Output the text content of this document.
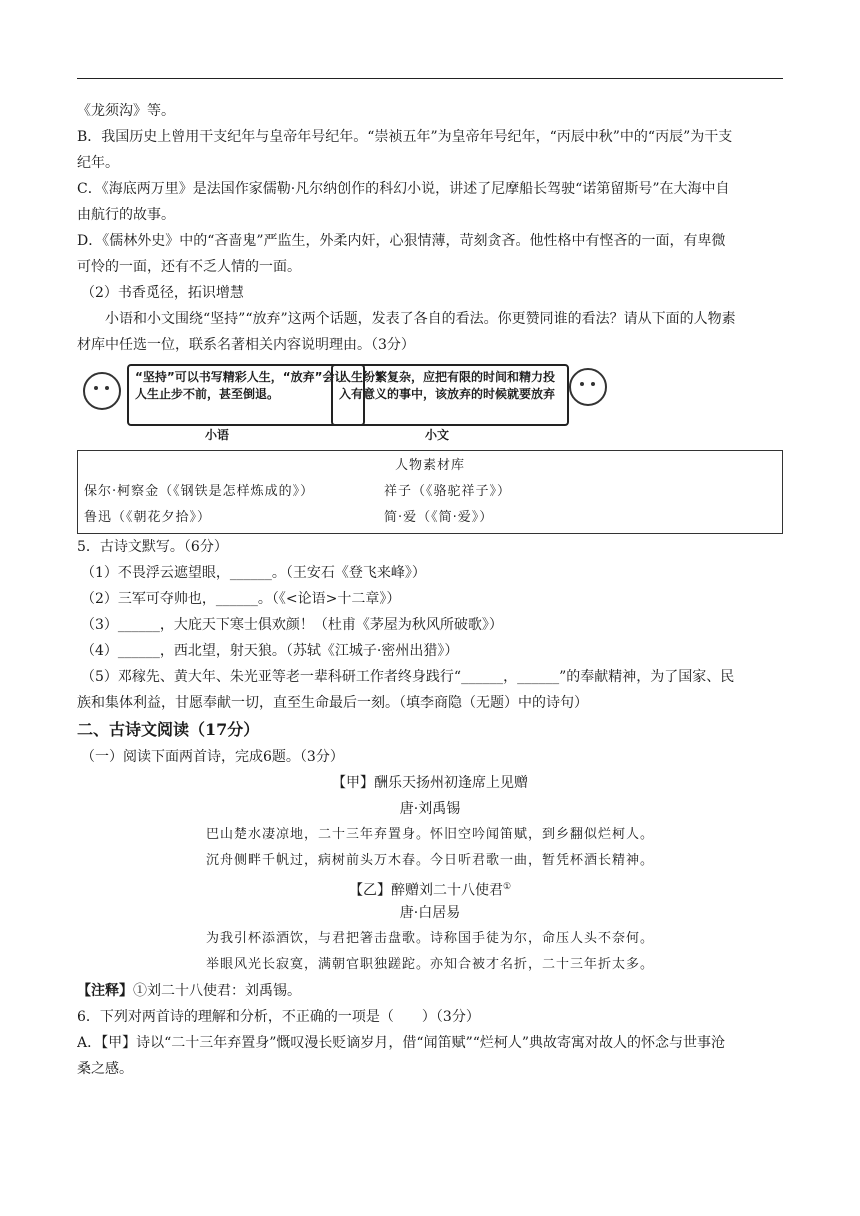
《龙须沟》等。
B．我国历史上曾用干支纪年与皇帝年号纪年。“崇祯五年”为皇帝年号纪年，“丙辰中秋”中的“丙辰”为干支
纪年。
C．《海底两万里》是法国作家儒勒·凡尔纳创作的科幻小说，讲述了尼摩船长驾驶“诺第留斯号”在大海中自
由航行的故事。
D．《儒林外史》中的“吝啬鬼”严监生，外柔内奸，心狠情薄，苛刻贪吝。他性格中有悭吝的一面，有卑微
可怜的一面，还有不乏人情的一面。
（2）书香觅径，拓识增慧
小语和小文围绕“坚持”“放弃”这两个话题，发表了各自的看法。你更赞同谁的看法？请从下面的人物素
材库中任选一位，联系名著相关内容说明理由。（3分）
“坚持”可以书写精彩人生，“放弃”会让人生止步不前，甚至倒退。
小语
人生纷繁复杂，应把有限的时间和精力投入有意义的事中，该放弃的时候就要放弃
小文
人物素材库
保尔·柯察金（《钢铁是怎样炼成的》）	祥子（《骆驼祥子》）
鲁迅（《朝花夕拾》）	简·爱（《简·爱》）
5．古诗文默写。（6分）
（1）不畏浮云遮望眼，______。（王安石《登飞来峰》）
（2）三军可夺帅也，______。（《<论语>十二章》）
（3）______，大庇天下寒士俱欢颜！（杜甫《茅屋为秋风所破歌》）
（4）______，西北望，射天狼。（苏轼《江城子·密州出猎》）
（5）邓稼先、黄大年、朱光亚等老一辈科研工作者终身践行“______，______”的奉献精神，为了国家、民
族和集体利益，甘愿奉献一切，直至生命最后一刻。（填李商隐（无题）中的诗句）
二、古诗文阅读（17分）
（一）阅读下面两首诗，完成6题。（3分）
【甲】酬乐天扬州初逢席上见赠
唐·刘禹锡
巴山楚水凄凉地，二十三年弃置身。怀旧空吟闻笛赋，到乡翻似烂柯人。
沉舟侧畔千帆过，病树前头万木春。今日听君歌一曲，暂凭杯酒长精神。
【乙】醉赠刘二十八使君①
唐·白居易
为我引杯添酒饮，与君把箸击盘歌。诗称国手徒为尔，命压人头不奈何。
举眼风光长寂寞，满朝官职独蹉跎。亦知合被才名折，二十三年折太多。
【注释】①刘二十八使君：刘禹锡。
6．下列对两首诗的理解和分析，不正确的一项是（　　）（3分）
A．【甲】诗以“二十三年弃置身”慨叹漫长贬谪岁月，借“闻笛赋”“烂柯人”典故寄寓对故人的怀念与世事沧
桑之感。
